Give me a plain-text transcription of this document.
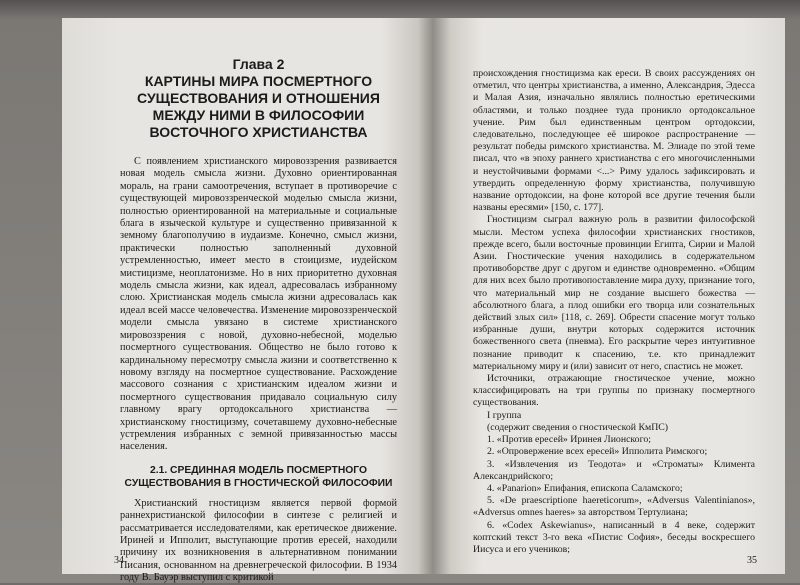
Глава 2
КАРТИНЫ МИРА ПОСМЕРТНОГО СУЩЕСТВОВАНИЯ И ОТНОШЕНИЯ МЕЖДУ НИМИ В ФИЛОСОФИИ ВОСТОЧНОГО ХРИСТИАНСТВА

С появлением христианского мировоззрения развивается новая модель смысла жизни. Духовно ориентированная мораль, на грани самоотречения, вступает в противоречие с существующей мировоззренческой моделью смысла жизни, полностью ориентированной на материальные и социальные блага в языческой культуре и существенно привязанной к земному благополучию в иудаизме. Конечно, смысл жизни, практически полностью заполненный духовной устремленностью, имеет место в стоицизме, иудейском мистицизме, неоплатонизме. Но в них приоритетно духовная модель смысла жизни, как идеал, адресовалась избранному слою. Христианская модель смысла жизни адресовалась как идеал всей массе человечества. Изменение мировоззренческой модели смысла увязано в системе христианского мировоззрения с новой, духовно-небесной, моделью посмертного существования. Общество не было готово к кардинальному пересмотру смысла жизни и соответственно к новому взгляду на посмертное существование. Расхождение массового сознания с христианским идеалом жизни и посмертного существования придавало социальную силу главному врагу ортодоксального христианства — христианскому гностицизму, сочетавшему духовно-небесные устремления избранных с земной привязанностью массы населения.

2.1. СРЕДИННАЯ МОДЕЛЬ ПОСМЕРТНОГО СУЩЕСТВОВАНИЯ В ГНОСТИЧЕСКОЙ ФИЛОСОФИИ

Христианский гностицизм является первой формой раннехристианской философии в синтезе с религией и рассматривается исследователями, как еретическое движение. Ириней и Ипполит, выступающие против ересей, находили причину их возникновения в альтернативном понимании Писания, основанном на древнегреческой философии. В 1934 году В. Бауэр выступил с критикой

34

происхождения гностицизма как ереси. В своих рассуждениях он отметил, что центры христианства, а именно, Александрия, Эдесса и Малая Азия, изначально являлись полностью еретическими областями, и только позднее туда проникло ортодоксальное учение. Рим был единственным центром ортодоксии, следовательно, последующее её широкое распространение — результат победы римского христианства. М. Элиаде по этой теме писал, что «в эпоху раннего христианства с его многочисленными и неустойчивыми формами <...> Риму удалось зафиксировать и утвердить определенную форму христианства, получившую название ортодоксии, на фоне которой все другие течения были названы ересями» [150, с. 177].

Гностицизм сыграл важную роль в развитии философской мысли. Местом успеха философии христианских гностиков, прежде всего, были восточные провинции Египта, Сирии и Малой Азии. Гностические учения находились в содержательном противоборстве друг с другом и единстве одновременно. «Общим для них всех было противопоставление мира духу, признание того, что материальный мир не создание высшего божества — абсолютного блага, а плод ошибки его творца или сознательных действий злых сил» [118, с. 269]. Обрести спасение могут только избранные души, внутри которых содержится источник божественного света (пневма). Его раскрытие через интуитивное познание приводит к спасению, т.е. кто принадлежит материальному миру и (или) зависит от него, спастись не может.

Источники, отражающие гностическое учение, можно классифицировать на три группы по признаку посмертного существования.

I группа
(содержит сведения о гностической КмПС)
1. «Против ересей» Иринея Лионского;
2. «Опровержение всех ересей» Ипполита Римского;
3. «Извлечения из Теодота» и «Строматы» Климента Александрийского;
4. «Panarion» Епифания, епископа Саламского;
5. «De praescriptione haereticorum», «Adversus Valentinianos», «Adversus omnes haeres» за авторством Тертулиана;
6. «Codex Askewianus», написанный в 4 веке, содержит коптский текст 3-го века «Пистис София», беседы воскресшего Иисуса и его учеников;
35
